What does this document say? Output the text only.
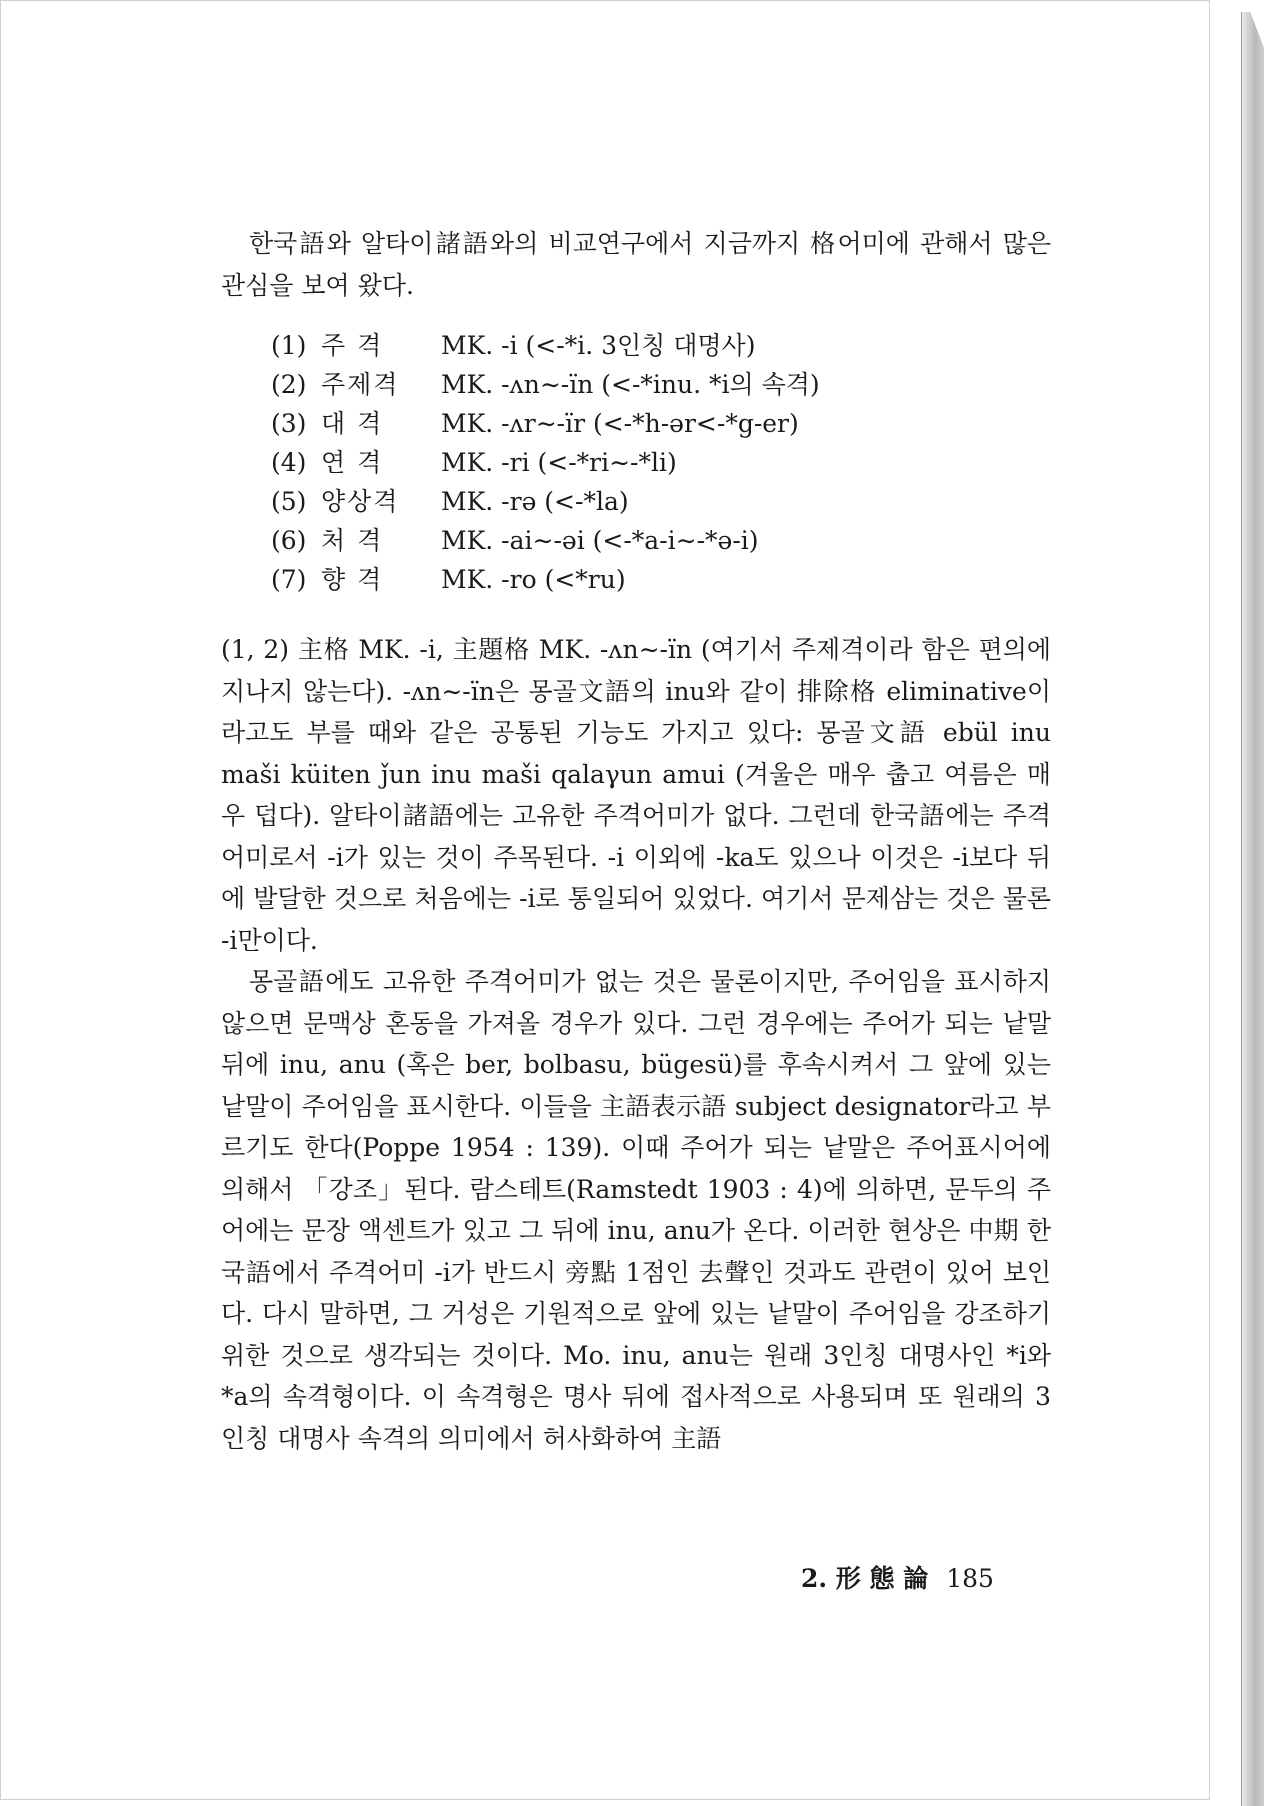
한국語와 알타이諸語와의 비교연구에서 지금까지 格어미에 관해서 많은 관심을 보여 왔다.

(1) 주 격	MK. -i (<-*i. 3인칭 대명사)
(2) 주제격	MK. -ʌn∼-ïn (<-*inu. *i의 속격)
(3) 대 격	MK. -ʌr∼-ïr (<-*h-ər<-*g-er)
(4) 연 격	MK. -ri (<-*ri∼-*li)
(5) 양상격	MK. -rə (<-*la)
(6) 처 격	MK. -ai∼-əi (<-*a-i∼-*ə-i)
(7) 향 격	MK. -ro (<*ru)

(1, 2) 主格 MK. -i, 主題格 MK. -ʌn∼-ïn (여기서 주제격이라 함은 편의에 지나지 않는다). -ʌn∼-ïn은 몽골文語의 inu와 같이 排除格 eliminative이라고도 부를 때와 같은 공통된 기능도 가지고 있다: 몽골文語 ebül inu maši küiten ǰun inu maši qalaγun amui (겨울은 매우 춥고 여름은 매우 덥다). 알타이諸語에는 고유한 주격어미가 없다. 그런데 한국語에는 주격어미로서 -i가 있는 것이 주목된다. -i 이외에 -ka도 있으나 이것은 -i보다 뒤에 발달한 것으로 처음에는 -i로 통일되어 있었다. 여기서 문제삼는 것은 물론 -i만이다.

몽골語에도 고유한 주격어미가 없는 것은 물론이지만, 주어임을 표시하지 않으면 문맥상 혼동을 가져올 경우가 있다. 그런 경우에는 주어가 되는 낱말 뒤에 inu, anu (혹은 ber, bolbasu, bügesü)를 후속시켜서 그 앞에 있는 낱말이 주어임을 표시한다. 이들을 主語表示語 subject designator라고 부르기도 한다(Poppe 1954 : 139). 이때 주어가 되는 낱말은 주어표시어에 의해서 「강조」된다. 람스테트(Ramstedt 1903 : 4)에 의하면, 문두의 주어에는 문장 액센트가 있고 그 뒤에 inu, anu가 온다. 이러한 현상은 中期 한국語에서 주격어미 -i가 반드시 旁點 1점인 去聲인 것과도 관련이 있어 보인다. 다시 말하면, 그 거성은 기원적으로 앞에 있는 낱말이 주어임을 강조하기 위한 것으로 생각되는 것이다. Mo. inu, anu는 원래 3인칭 대명사인 *i와 *a의 속격형이다. 이 속격형은 명사 뒤에 접사적으로 사용되며 또 원래의 3인칭 대명사 속격의 의미에서 허사화하여 主語

2. 形 態 論 185
